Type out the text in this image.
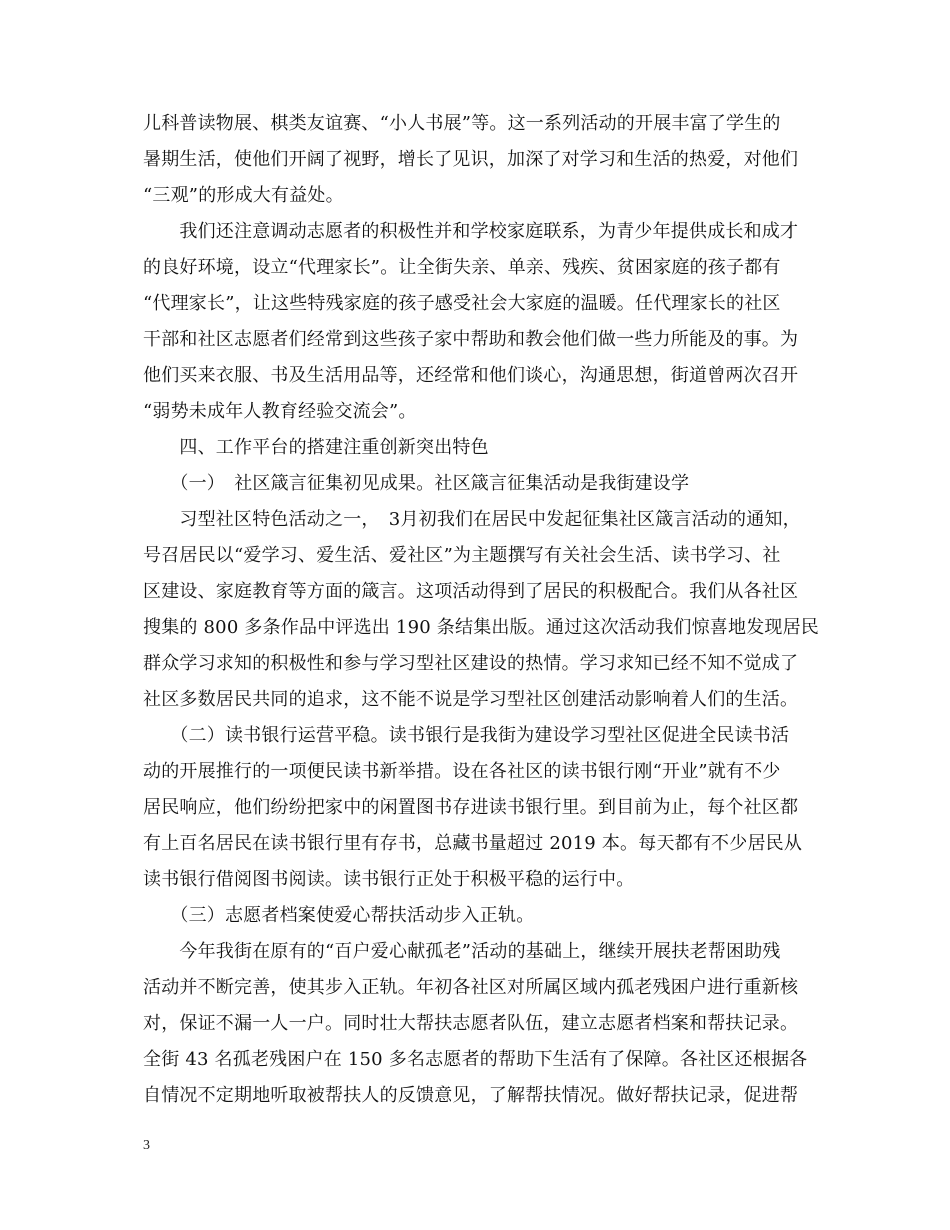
儿科普读物展、棋类友谊赛、“小人书展”等。这一系列活动的开展丰富了学生的
暑期生活，使他们开阔了视野，增长了见识，加深了对学习和生活的热爱，对他们
“三观”的形成大有益处。
　　我们还注意调动志愿者的积极性并和学校家庭联系，为青少年提供成长和成才
的良好环境，设立“代理家长”。让全街失亲、单亲、残疾、贫困家庭的孩子都有
“代理家长”，让这些特残家庭的孩子感受社会大家庭的温暖。任代理家长的社区
干部和社区志愿者们经常到这些孩子家中帮助和教会他们做一些力所能及的事。为
他们买来衣服、书及生活用品等，还经常和他们谈心，沟通思想，街道曾两次召开
“弱势未成年人教育经验交流会”。
　　四、工作平台的搭建注重创新突出特色
　　（一）　社区箴言征集初见成果。社区箴言征集活动是我街建设学
　　习型社区特色活动之一，　3月初我们在居民中发起征集社区箴言活动的通知，
号召居民以“爱学习、爱生活、爱社区”为主题撰写有关社会生活、读书学习、社
区建设、家庭教育等方面的箴言。这项活动得到了居民的积极配合。我们从各社区
搜集的 800 多条作品中评选出 190 条结集出版。通过这次活动我们惊喜地发现居民
群众学习求知的积极性和参与学习型社区建设的热情。学习求知已经不知不觉成了
社区多数居民共同的追求，这不能不说是学习型社区创建活动影响着人们的生活。
　　（二）读书银行运营平稳。读书银行是我街为建设学习型社区促进全民读书活
动的开展推行的一项便民读书新举措。设在各社区的读书银行刚“开业”就有不少
居民响应，他们纷纷把家中的闲置图书存进读书银行里。到目前为止，每个社区都
有上百名居民在读书银行里有存书，总藏书量超过 2019 本。每天都有不少居民从
读书银行借阅图书阅读。读书银行正处于积极平稳的运行中。
　　（三）志愿者档案使爱心帮扶活动步入正轨。
　　今年我街在原有的“百户爱心献孤老”活动的基础上，继续开展扶老帮困助残
活动并不断完善，使其步入正轨。年初各社区对所属区域内孤老残困户进行重新核
对，保证不漏一人一户。同时壮大帮扶志愿者队伍，建立志愿者档案和帮扶记录。
全街 43 名孤老残困户在 150 多名志愿者的帮助下生活有了保障。各社区还根据各
自情况不定期地听取被帮扶人的反馈意见，了解帮扶情况。做好帮扶记录，促进帮
3
